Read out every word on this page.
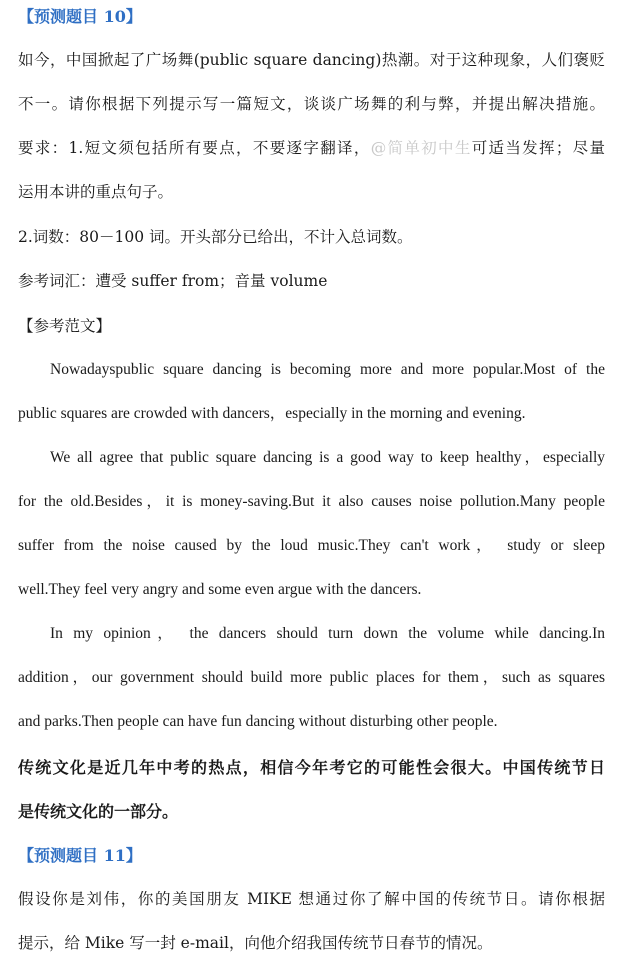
【预测题目 10】
如今，中国掀起了广场舞(public square dancing)热潮。对于这种现象，人们褒贬
不一。请你根据下列提示写一篇短文，谈谈广场舞的利与弊，并提出解决措施。
要求：1.短文须包括所有要点，不要逐字翻译，@简单初中生可适当发挥；尽量
运用本讲的重点句子。
2.词数：80－100 词。开头部分已给出，不计入总词数。
参考词汇：遭受 suffer from；音量 volume
【参考范文】
Nowadayspublic square dancing is becoming more and more popular.Most of the
public squares are crowded with dancers，especially in the morning and evening.
We all agree that public square dancing is a good way to keep healthy，especially
for the old.Besides，it is money-saving.But it also causes noise pollution.Many people
suffer from the noise caused by the loud music.They can't work， study or sleep
well.They feel very angry and some even argue with the dancers.
In my opinion， the dancers should turn down the volume while dancing.In
addition，our government should build more public places for them，such as squares
and parks.Then people can have fun dancing without disturbing other people.
传统文化是近几年中考的热点，相信今年考它的可能性会很大。中国传统节日
是传统文化的一部分。
【预测题目 11】
假设你是刘伟，你的美国朋友 MIKE 想通过你了解中国的传统节日。请你根据
提示，给 Mike 写一封 e-mail，向他介绍我国传统节日春节的情况。
